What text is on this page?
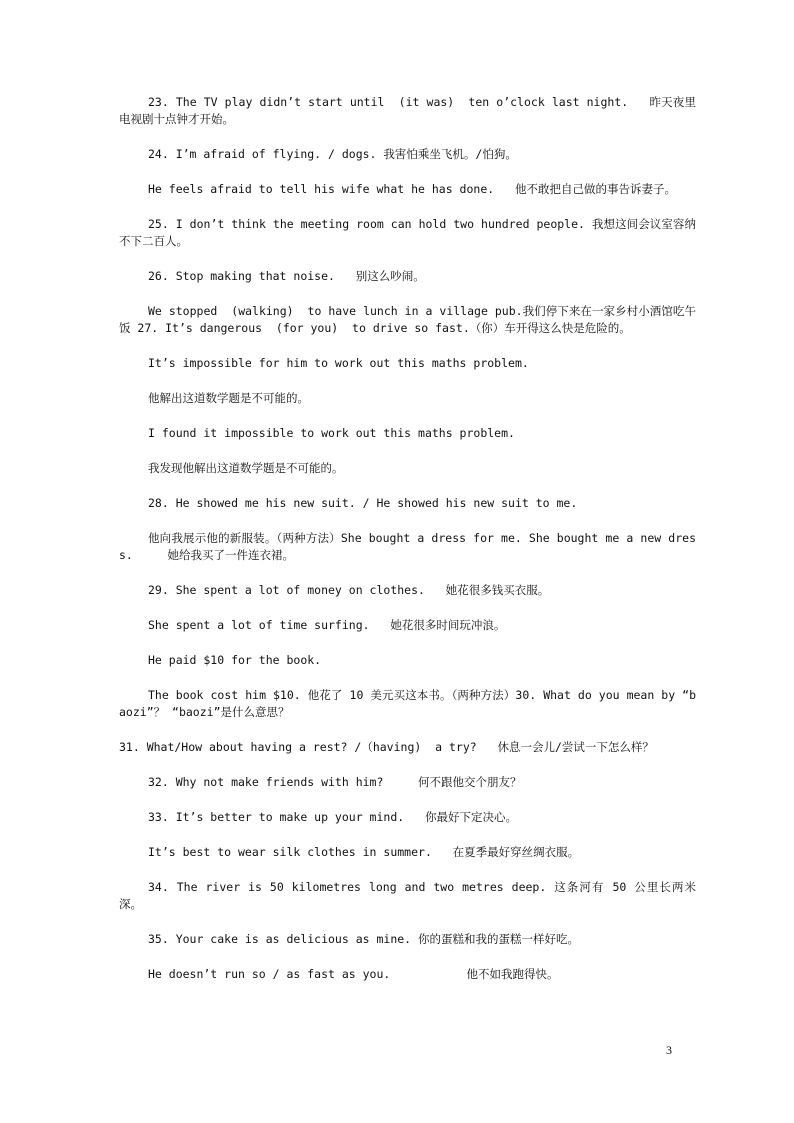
23. The TV play didn’t start until  (it was)  ten o’clock last night.   昨天夜里电视剧十点钟才开始。

24. I’m afraid of flying. / dogs. 我害怕乘坐飞机。/怕狗。

He feels afraid to tell his wife what he has done.   他不敢把自己做的事告诉妻子。

25. I don’t think the meeting room can hold two hundred people. 我想这间会议室容纳不下二百人。

26. Stop making that noise.   别这么吵闹。

We stopped  (walking)  to have lunch in a village pub.我们停下来在一家乡村小酒馆吃午饭 27. It’s dangerous  (for you)  to drive so fast.（你）车开得这么快是危险的。

It’s impossible for him to work out this maths problem.

他解出这道数学题是不可能的。

I found it impossible to work out this maths problem.

我发现他解出这道数学题是不可能的。

28. He showed me his new suit. / He showed his new suit to me.

他向我展示他的新服装。（两种方法）She bought a dress for me. She bought me a new dress.     她给我买了一件连衣裙。

29. She spent a lot of money on clothes.   她花很多钱买衣服。

She spent a lot of time surfing.   她花很多时间玩冲浪。

He paid $10 for the book.

The book cost him $10. 他花了 10 美元买这本书。（两种方法）30. What do you mean by “baozi”？ “baozi”是什么意思？

31. What/How about having a rest? /（having)  a try?   休息一会儿/尝试一下怎么样？

32. Why not make friends with him?     何不跟他交个朋友？

33. It’s better to make up your mind.   你最好下定决心。

It’s best to wear silk clothes in summer.   在夏季最好穿丝绸衣服。

34. The river is 50 kilometres long and two metres deep. 这条河有 50 公里长两米深。

35. Your cake is as delicious as mine. 你的蛋糕和我的蛋糕一样好吃。

He doesn’t run so / as fast as you.           他不如我跑得快。

3
